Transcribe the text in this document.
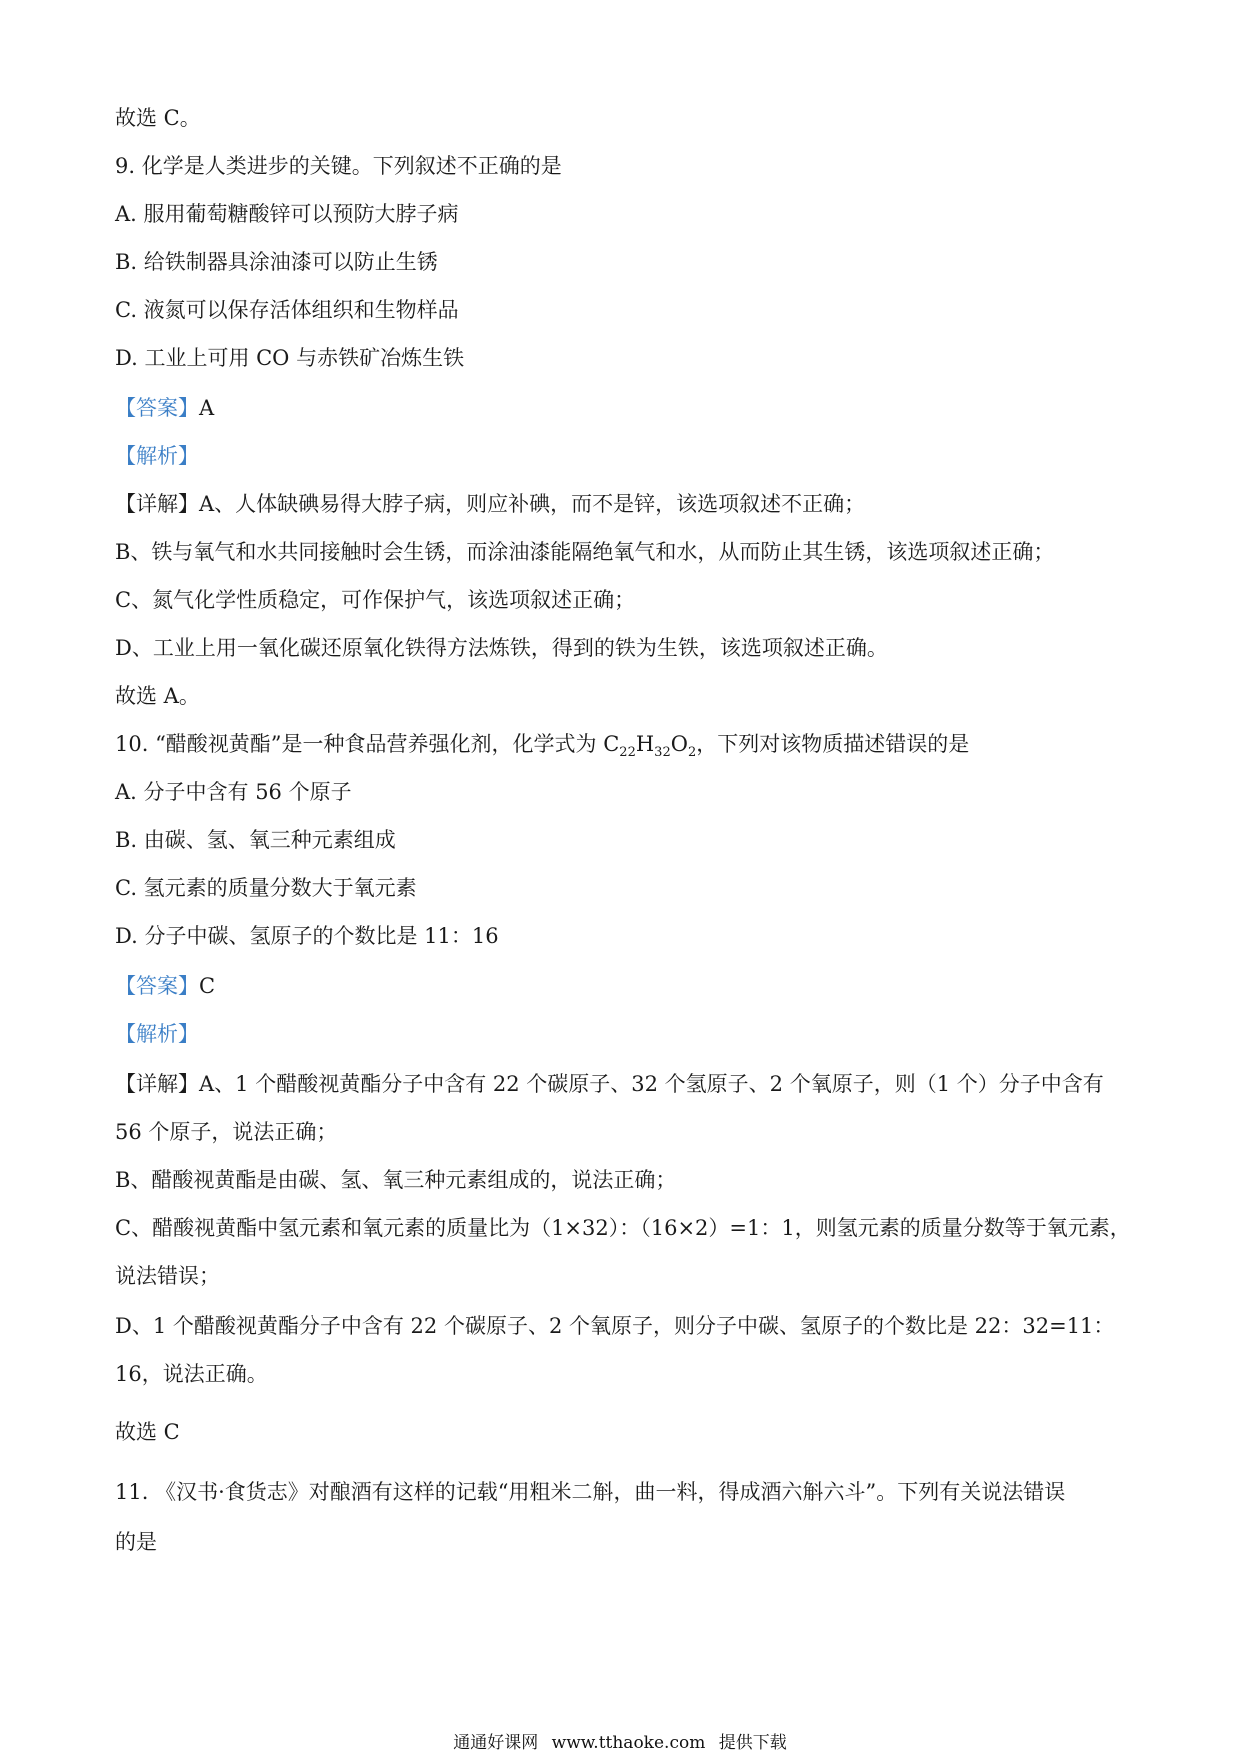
故选 C。
9. 化学是人类进步的关键。下列叙述不正确的是
A. 服用葡萄糖酸锌可以预防大脖子病
B. 给铁制器具涂油漆可以防止生锈
C. 液氮可以保存活体组织和生物样品
D. 工业上可用 CO 与赤铁矿冶炼生铁
【答案】A
【解析】
【详解】A、人体缺碘易得大脖子病，则应补碘，而不是锌，该选项叙述不正确；
B、铁与氧气和水共同接触时会生锈，而涂油漆能隔绝氧气和水，从而防止其生锈，该选项叙述正确；
C、氮气化学性质稳定，可作保护气，该选项叙述正确；
D、工业上用一氧化碳还原氧化铁得方法炼铁，得到的铁为生铁，该选项叙述正确。
故选 A。
10. “醋酸视黄酯”是一种食品营养强化剂，化学式为 $C_{22}H_{32}O_2$，下列对该物质描述错误的是
A. 分子中含有 56 个原子
B. 由碳、氢、氧三种元素组成
C. 氢元素的质量分数大于氧元素
D. 分子中碳、氢原子的个数比是 11：16
【答案】C
【解析】
【详解】A、1 个醋酸视黄酯分子中含有 22 个碳原子、32 个氢原子、2 个氧原子，则（1 个）分子中含有
56 个原子，说法正确；
B、醋酸视黄酯是由碳、氢、氧三种元素组成的，说法正确；
C、醋酸视黄酯中氢元素和氧元素的质量比为（1×32）：（16×2）=1：1，则氢元素的质量分数等于氧元素，
说法错误；
D、1 个醋酸视黄酯分子中含有 22 个碳原子、2 个氧原子，则分子中碳、氢原子的个数比是 22：32=11：
16，说法正确。
故选 C
11. 《汉书·食货志》对酿酒有这样的记载“用粗米二斛，曲一料，得成酒六斛六斗”。下列有关说法错误
的是
通通好课网 www.tthaoke.com 提供下载
